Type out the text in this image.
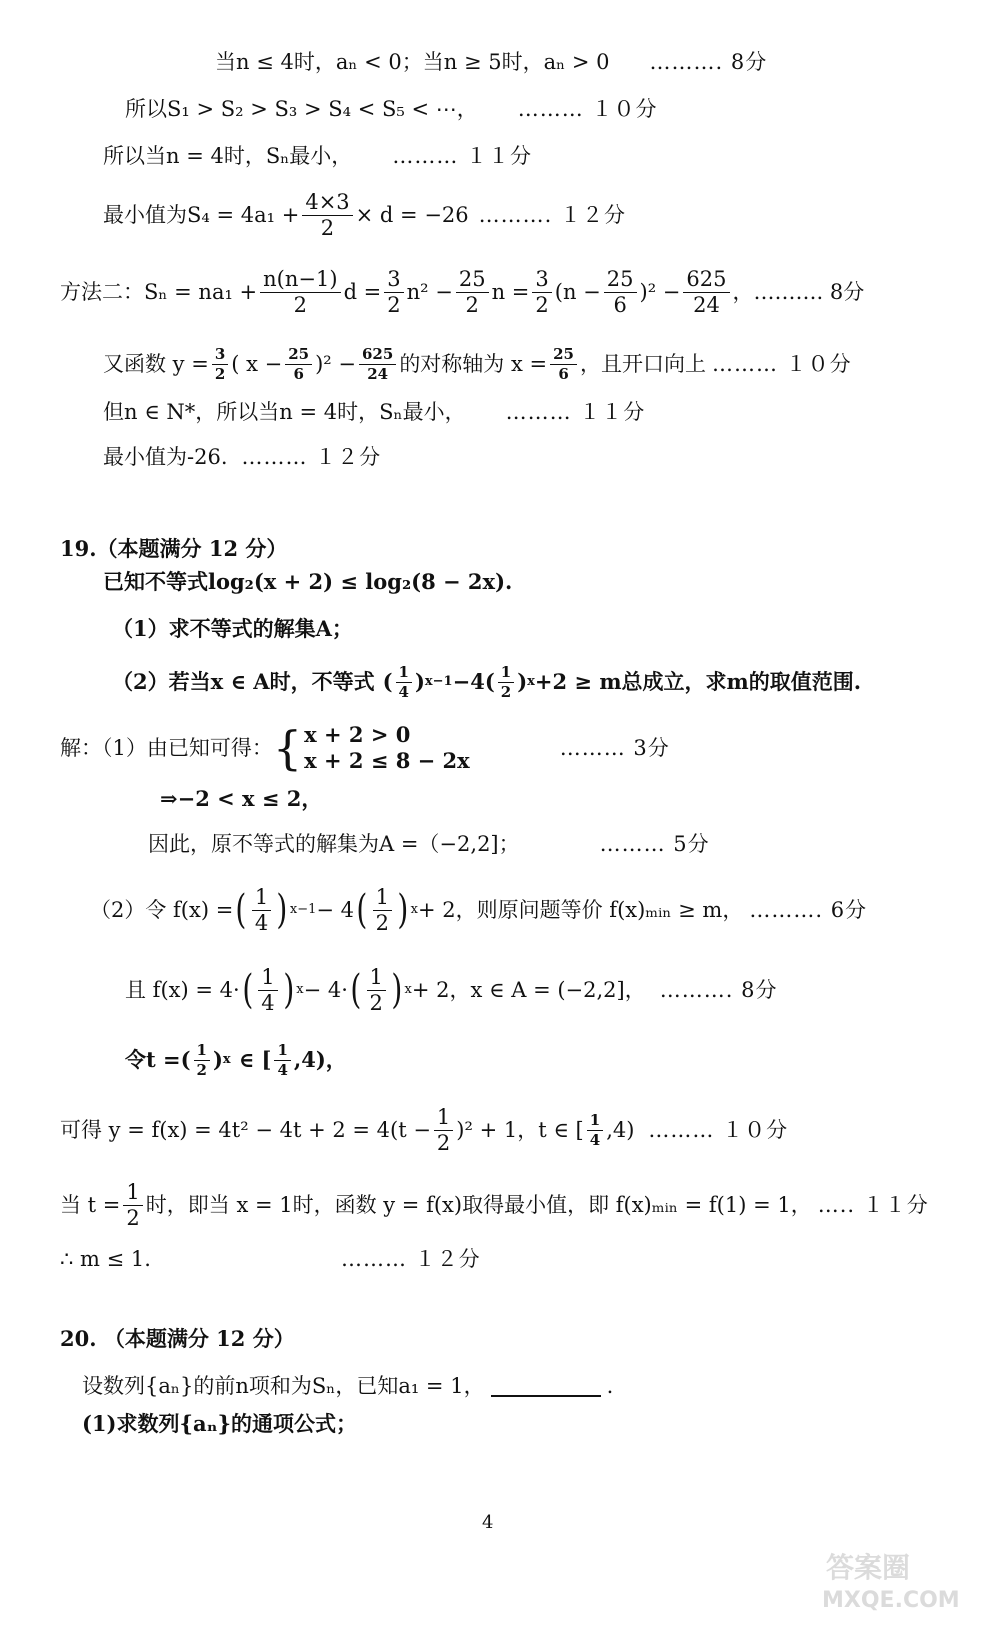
当n ≤ 4时，aₙ < 0；当n ≥ 5时，aₙ > 0 ………. 8分
所以S₁ > S₂ > S₃ > S₄ < S₅ < ⋯， ……… １０分
所以当n = 4时，Sₙ最小， ……… １１分
最小值为$S_4 = 4a_1 + \frac{4\times 3}{2} \times d = -26$ ………. １２分
方法二：$S_n = na_1 + \frac{n(n-1)}{2}$ $d = \frac{3}{2} n^2 - \frac{25}{2}$ $n = \frac{3}{2} (n - \frac{25}{6} )^2 - \frac{625}{24}$ ，………. 8分
又函数 $y = \frac{3}{2}$ ( $x - \frac{25}{6} )^2 - \frac{625}{24}$ 的对称轴为 $x = \frac{25}{6}$ ，且开口向上 ……… １０分
但n ∈ N*，所以当n = 4时，Sₙ最小， ……… １１分
最小值为-26. ……… １２分
19.（本题满分 12 分）
已知不等式log₂(x + 2) ≤ log₂(8 − 2x).
（1）求不等式的解集A；
（2）若当x ∈ A时，不等式 ( $\frac{1}{4}$ ) x−1 −4 ( $\frac{1}{2}$ ) x +2 ≥ m总成立，求m的取值范围.
解：（1）由已知可得： { x + 2 > 0
x + 2 ≤ 8 − 2x	……… 3分
⇒−2 < x ≤ 2，
因此，原不等式的解集为A =（−2,2]；	……… 5分
（2）令 f(x) = ( $\frac{1}{4}$ ) x−1 − 4 ( $\frac{1}{2}$ ) x + 2，则原问题等价 f(x)ₘᵢₙ ≥ m， ………. 6分
且 f(x) = 4· ( $\frac{1}{4}$ ) x − 4· ( $\frac{1}{2}$ ) x + 2，x ∈ A = (−2,2]， ………. 8分
令t = ( $\frac{1}{2}$ ) x ∈ [ $\frac{1}{4} ,4$)，
可得 $y = f(x) = 4t^2 - 4t + 2 = 4(t - \frac{1}{2} )^2 + 1$，t ∈ [ $\frac{1}{4} ,4$) ……… １０分
当 $t = \frac{1}{2}$ 时，即当 x = 1时，函数 y = f(x)取得最小值，即 f(x)ₘᵢₙ = f(1) = 1， ….. １１分
∴ m ≤ 1.	……… １２分
20. （本题满分 12 分）
设数列{aₙ}的前n项和为Sₙ，已知a₁ = 1，	.
(1)求数列{aₙ}的通项公式；
4
答案圈
MXQE.COM
